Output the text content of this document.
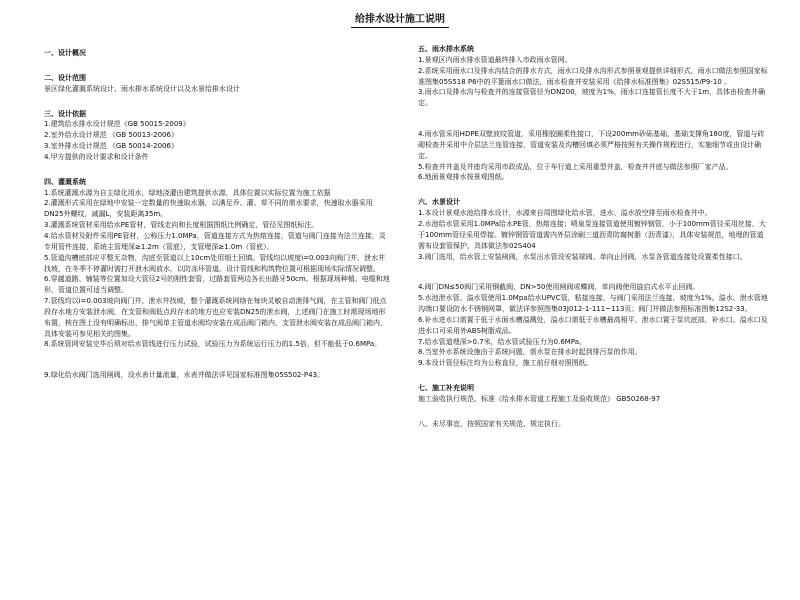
给排水设计施工说明

一、设计概况

二、设计范围

景区绿化灌溉系统设计、雨水排水系统设计以及水景给排水设计

三、设计依据

1.建筑给水排水设计规范《GB 50015-2009》

2.室外给水设计规范 《GB 50013-2006》

3.室外排水设计规范 《GB 50014-2006》

4.甲方提供的设计要求和设计条件

四、灌溉系统

1.系统灌溉水源为自主绿化用水，绿地浇灌由建筑提供水源，具体位置以实际位置为施工依据

2.灌溉形式采用在绿地中安装一定数量的快速取水器，以满足乔、灌、草不同的需水要求，快速取水器采用DN25外螺纹，减漏L，安装距离35m。

3.灌溉系统管材采用给水PE管材，管线走向和长度根据图纸比例确定，管径见图纸标注。

4.给水管材及附件采用PE管材，公称压力1.0MPa，管道连接方式为热熔连接，管道与阀门连接为法兰连接，灵专用管件连接，系统主管埋深≥1.2m（管底），支管埋深≥1.0m（管底）。

5.管道沟槽底部应平整无杂物，沟底至管道以上10cm处用细土回填。管线均以坡度i=0.003向阀门井、泄水井找坡，在冬季不停灌时需打开泄水阀放水，以防冻坏管道。设计管线和构筑物位置可根据现场实际情况调整。

6.穿越道路、铺装等位置加设大管径2号的刚性套管，过路套管两边各长出路牙50cm。根据现场种植、电缆和地形，管道位置可适当调整。

7.管线均以i=0.003坡向阀门井、泄水井找坡，整个灌溉系统网络在每块灵敏自动泄排气阀，在主管和阀门低点段存水地方安装泄水阀，在支管和阀低点段存水的地方也应安装DN25的泄水阀，上述阀门在施工时需现场地形布置，核在图上没有明确标出，排气阀单主管道水阀均安装在成品阀门箱内，支管泄水阀安装在成品阀门箱内，具体安装可参见相关的图集。

8.系统管网安装完毕后须对给水管线进行压力试验，试验压力为系统运行压力的1.5倍，但不能低于0.6MPa。

9.绿化给水阀门选用闸阀，设水表计量流量，水表井做法详见国家标准图集05S502-P43。

五、雨水排水系统

1.景观区内雨水排水管道最终排入市政雨水管网。

2.系统采用雨水口及排水沟结合的排水方式，雨水口及排水沟形式参照景观提供详细形式，雨水口做法参照国家标准图集05S518 P6中的平篦雨水口做法，雨水检查井安装采用《给排水标准图集》02S515/P9-10 。

3.雨水口及排水沟与检查井的连接管管径为DN200，坡度为1%，雨水口连接管长度不大于1m，具体由检查井确定。

4.雨水管采用HDPE双壁波纹管道，采用橡胶圈柔性接口，下设200mm砂砾基础，基础支撑角180度，管道与砖砌检查井采用中介层法兰连管连接，管道安装及沟槽回填必须严格按照有关操作规程进行，实施细节或由设计确定。

5.检查井井盖及井座均采用市政成品，位于车行道上采用重型井盖，检查井井底与做法参照厂家产品。

6.地面景观排水按景观图纸。

六、水景设计

1.本设计景观水池给排水设计，水源来自周围绿化给水管，进水、溢水放空排至雨水检查井中。

2.水池给水管采用1.0MPa给水PE管，热熔连接；喷泉泵连接管道使用镀锌钢管，小于100mm管径采用丝接，大于100mm管径采用焊接。镀锌钢管管道需内外层涂刷三道沥青防腐树脂（沥青漆），具体安装规范，地埋的管道需布设套管保护，具体做法参02S404

3.阀门选用，给水管上安装闸阀，水泵出水管设安装球阀、单向止回阀，水泵各管道连接处设置柔性接口。

4.阀门DN≤50阀门采用铜截阀，DN>50使用闸阀或蝶阀，单向阀使用旋启式水平止回阀。

5.水池泄水管、溢水管使用1.0Mpa给水UPVC管，粘接连接，与阀门采用法兰连接，坡度为1%。溢水、泄水管地沟端口要设防水不锈钢网罩，做法详参照图集03J012-1-111~113页；阀门井做法参照标准图集12S2-33。

6.补水进水口需置于低于水面水槽溢溅处，溢水口需低于水槽最高相平，泄水口置于泵坑底部，补水口、溢水口及进水口可采用外ABS树脂成品。

7.给水管道埋深>0.7米，给水管试验压力为0.6MPa。

8.当室外水系统设施由于系统问题，需水泵在排水时起到排污泵的作用。

9.本设计管径标注均为公称直径，施工前仔细对照图纸。

七、施工补充说明

施工验收执行规范、标准《给水排水管道工程施工及验收规范》 GB50268-97

八、未尽事宜，按照国家有关规范、规定执行。
